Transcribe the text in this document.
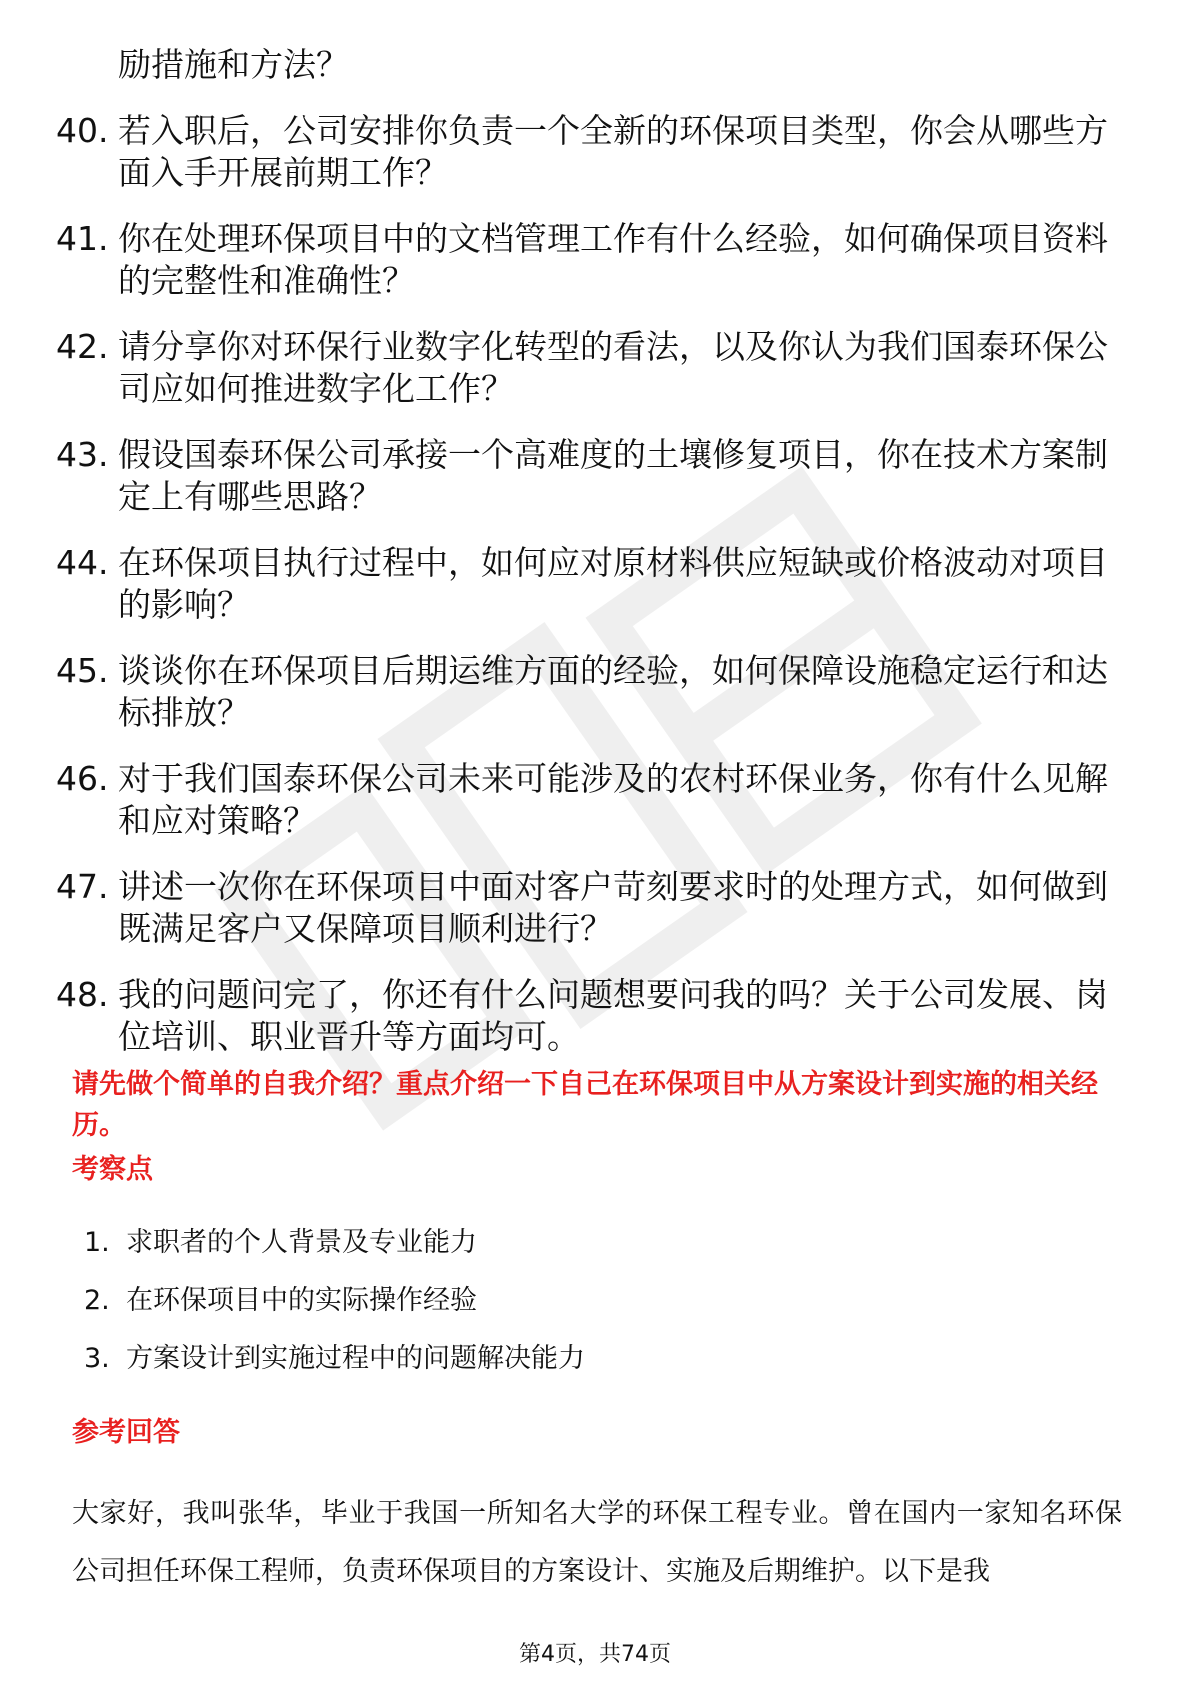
励措施和方法？
40. 若入职后，公司安排你负责一个全新的环保项目类型，你会从哪些方面入手开展前期工作？
41. 你在处理环保项目中的文档管理工作有什么经验，如何确保项目资料的完整性和准确性？
42. 请分享你对环保行业数字化转型的看法，以及你认为我们国泰环保公司应如何推进数字化工作？
43. 假设国泰环保公司承接一个高难度的土壤修复项目，你在技术方案制定上有哪些思路？
44. 在环保项目执行过程中，如何应对原材料供应短缺或价格波动对项目的影响？
45. 谈谈你在环保项目后期运维方面的经验，如何保障设施稳定运行和达标排放？
46. 对于我们国泰环保公司未来可能涉及的农村环保业务，你有什么见解和应对策略？
47. 讲述一次你在环保项目中面对客户苛刻要求时的处理方式，如何做到既满足客户又保障项目顺利进行？
48. 我的问题问完了，你还有什么问题想要问我的吗？关于公司发展、岗位培训、职业晋升等方面均可。
请先做个简单的自我介绍？重点介绍一下自己在环保项目中从方案设计到实施的相关经历。
考察点
1. 求职者的个人背景及专业能力
2. 在环保项目中的实际操作经验
3. 方案设计到实施过程中的问题解决能力
参考回答
大家好，我叫张华，毕业于我国一所知名大学的环保工程专业。曾在国内一家知名环保公司担任环保工程师，负责环保项目的方案设计、实施及后期维护。以下是我
第4页，共74页
